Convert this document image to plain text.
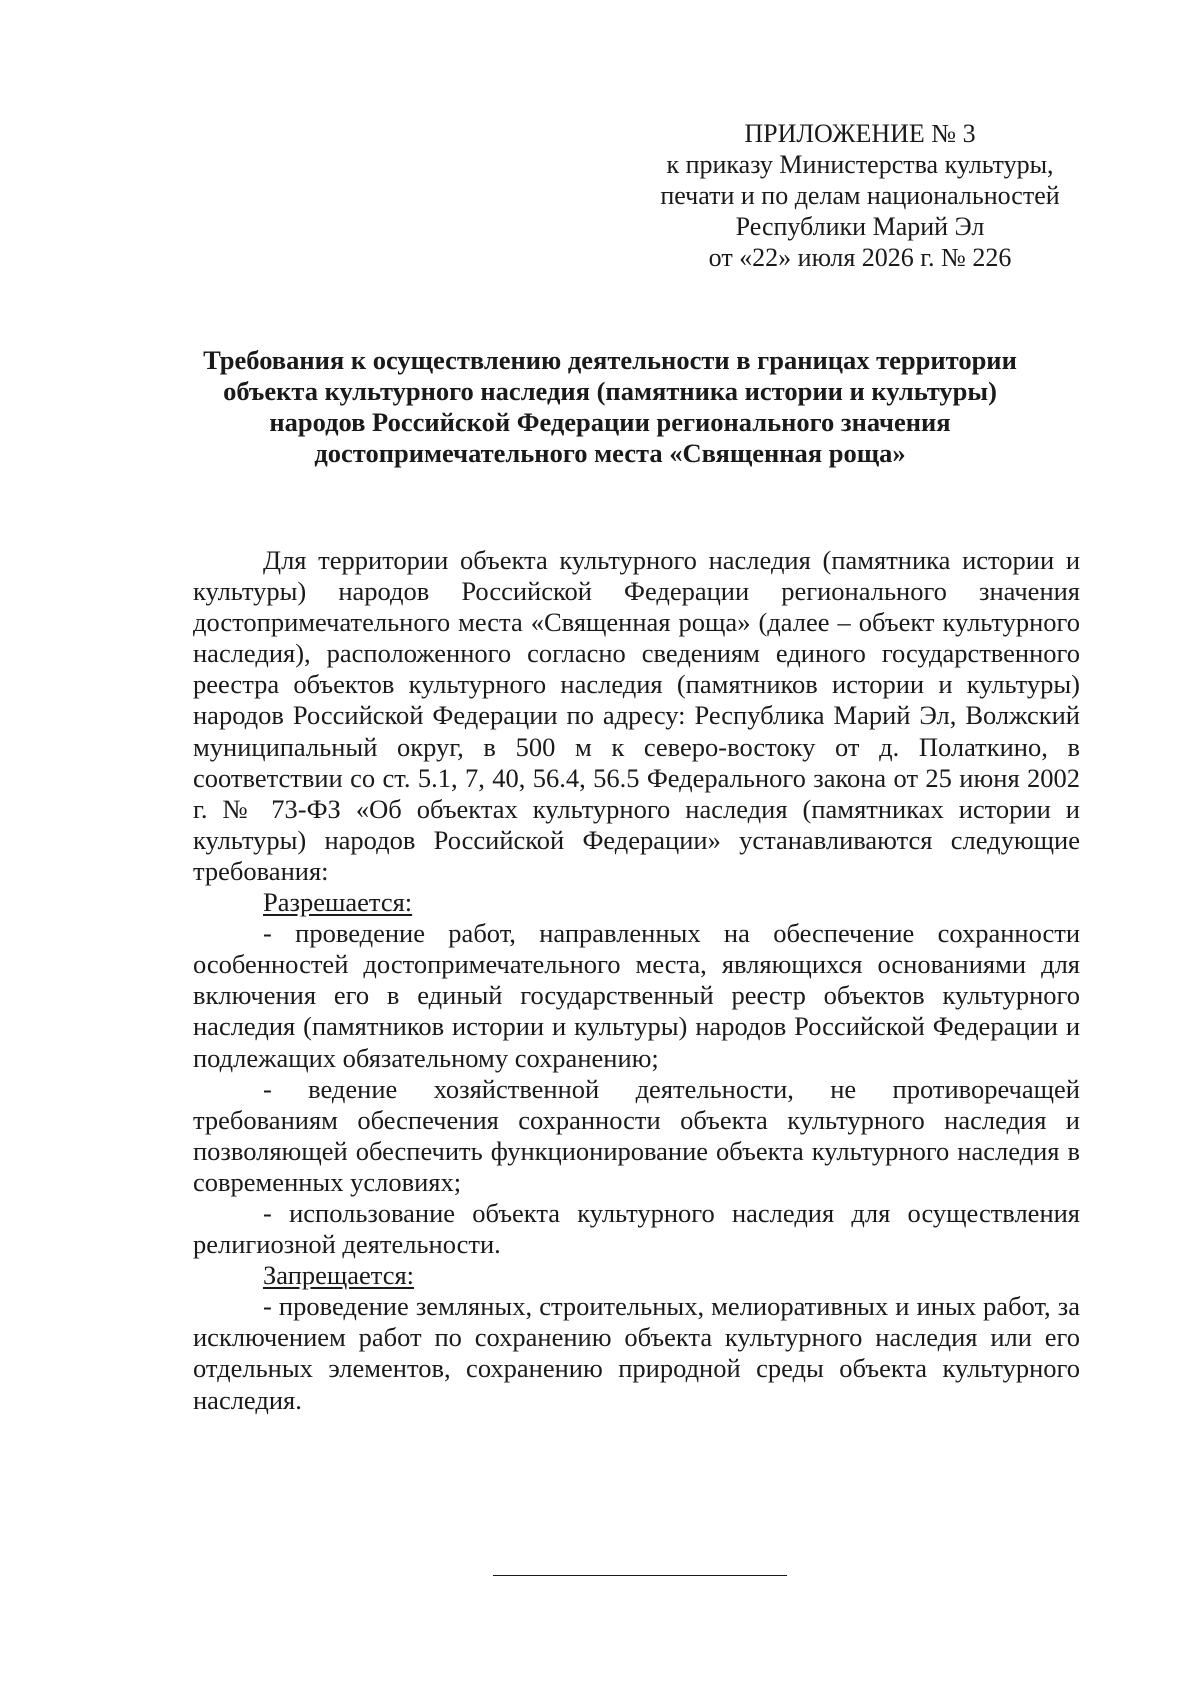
ПРИЛОЖЕНИЕ № 3
к приказу Министерства культуры,
печати и по делам национальностей
Республики Марий Эл
от «22» июля 2026 г. № 226
Требования к осуществлению деятельности в границах территории
объекта культурного наследия (памятника истории и культуры)
народов Российской Федерации регионального значения
достопримечательного места «Священная роща»

Для территории объекта культурного наследия (памятника истории и культуры) народов Российской Федерации регионального значения достопримечательного места «Священная роща» (далее – объект культурного наследия), расположенного согласно сведениям единого государственного реестра объектов культурного наследия (памятников истории и культуры) народов Российской Федерации по адресу: Республика Марий Эл, Волжский муниципальный округ, в 500 м к северо-востоку от д. Полаткино, в соответствии со ст. 5.1, 7, 40, 56.4, 56.5 Федерального закона от 25 июня 2002 г. № 73-ФЗ «Об объектах культурного наследия (памятниках истории и культуры) народов Российской Федерации» устанавливаются следующие требования:

Разрешается:

- проведение работ, направленных на обеспечение сохранности особенностей достопримечательного места, являющихся основаниями для включения его в единый государственный реестр объектов культурного наследия (памятников истории и культуры) народов Российской Федерации и подлежащих обязательному сохранению;

- ведение хозяйственной деятельности, не противоречащей требованиям обеспечения сохранности объекта культурного наследия и позволяющей обеспечить функционирование объекта культурного наследия в современных условиях;

- использование объекта культурного наследия для осуществления религиозной деятельности.

Запрещается:

- проведение земляных, строительных, мелиоративных и иных работ, за исключением работ по сохранению объекта культурного наследия или его отдельных элементов, сохранению природной среды объекта культурного наследия.
